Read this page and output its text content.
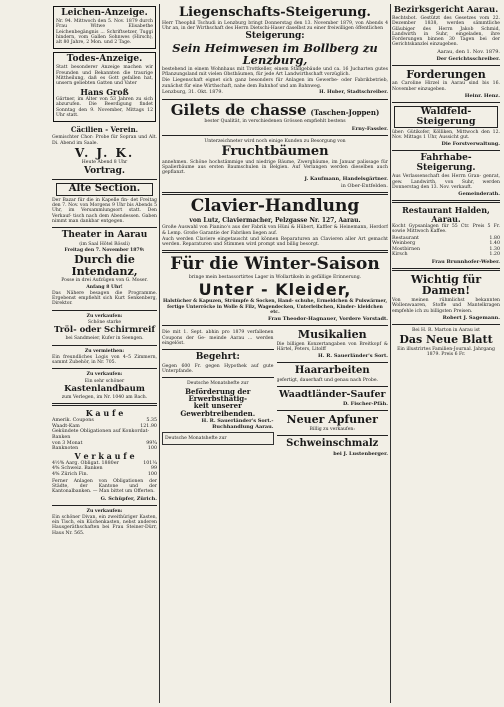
Leichen-Anzeige.
Nr. 94. Mittwoch den 5. Nov. 1879 durch Frau Witwe Elisabethe Leichenbegängnis ... Schriftsetzer, Tuggi hindern, vom Gallen Sohnwes (Hirsch), alt 80 Jahre, 2 Mon. und 2 Tage.
Todes-Anzeige.
Statt besonderer Anzeige machen wir Freunden und Bekannten die traurige Mittheilung, daß es Gott gefallen hat, unsern geliebten Gatten und Vater
Hans Groß
Gärtner, im Alter von 53 Jahren zu sich abzurufen. Die Beerdigung findet Sonntag den 9. November, Mittags 12 Uhr statt.
Cäcilien - Verein.
Gemischter Chor: Probe für Sopran und Alt. Di. Abend im Saale.
V. J. K.
Heute Abend 8 Uhr
Vortrag.
Alte Section.
Der Bazar für die in Kapelle fin- det Freitag den 7. Nov. von Morgens 9 Uhr bis Abends 5 Uhr, im Versammlungsort statt. Den Verkauf- tisch nach dem Abendessen. Gaben nimmt man dankbar entgegen.
Theater in Aarau
(im Saal Hôtel Rössli)
Freitag den 7. November 1879:
Durch die Intendanz,
Posse in drei Aufzügen von G. Moser.
Anfang 8 Uhr!
Das Nähere besagen die Programme. Ergebenst empfiehlt sich Kurt Senkenberg, Direktor.
Zu verkaufen:
Schöne starke
Tröl- oder Schirmreif
bei Sandmeier, Kufer in Seengen.
Zu vermiethen:
Ein freundliches Logis von 4–5 Zimmern, sammt Zubehör, in Nr. 705.
Zu verkaufen:
Ein sehr schöner
Kastenlandbaum
zum Verlegen, im Nr. 1040 am Bach.
K a u f e
Amerik. Coupons	5.35
Waadt-Kam	121.90
Gekündete Obligationen auf Konkordat-Banken
von 3 Monat	99¾
Banknoten	100
V e r k a u f e
4½% Aarg. Obligat. 1880er	101¼
4% Schweiz. Banken	99
4% Zürich Fin.	100
Ferner Anlagen von Obligationen der Städte, der Kantone und der Kantonalbanken. — Man bittet um Offerten.
G. Schüpfer, Zürich.
Zu verkaufen:
Ein schöner Divan, ein zweithüriger Kasten, ein Tisch, ein Küchenkasten, nebst anderen Hausgeräthschaften bei Frau Steiner-Dürr, Haus Nr. 565.
Liegenschafts-Steigerung.
Herr Theophil Tschudi in Lenzburg bringt Donnerstag den 13. November 1879, von Abends 4 Uhr an, in der Wirthschaft des Herrn Dietschi-Haser daselbst zu einer freiwilligen öffentlichen
Steigerung:
Sein Heimwesen im Bollberg zu Lenzburg,
bestehend in einem Wohnhaus mit Trottkeller, einem Stallgebäude und ca. 16 Jucharten gutes Pflanzungsland mit vielen Obstbäumen, für jede Art Landwirthschaft vorzüglich.
Die Liegenschaft eignet sich ganz besonders für Anlagen im Gewerbe- oder Fabrikbetrieb, zunächst für eine Wirthschaft, nahe dem Bahnhof und am Bahnweg.
Lenzburg, 31. Okt. 1879.	H. Huber, Stadtschreiber.
Gilets de chasse (Taschen-Joppen)
bester Qualität, in verschiedenen Grössen empfiehlt bestens
Erny-Fassler.
Unterzeichneter wird noch einige Kunden zu Besorgung von
Fruchtbäumen
annehmen. Schöne hochstämmige und niedrige Bäume, Zwergbäume, im Januar palissage für Spalierbäume aus ersten Baumschulen in Belgien. Auf Verlangen werden dieselben auch gepflanzt.
J. Kaufmann, Handelsgärtner.
in Ober-Entfelden.
Clavier-Handlung
von Lutz, Claviermacher, Pelzgasse Nr. 127, Aarau.
Große Auswahl von Pianino's aus der Fabrik von Hüni & Hübert, Kaffler & Heinemann, Herdorf & Lemp. Große Garantie der Fabriken liegen auf.
Auch werden Claviere eingetauscht und können Reparaturen an Clavieren aller Art gemacht werden. Reparaturen und Stimmen wird prompt und billig besorgt.
Für die Winter-Saison
bringe mein bestassortirtes Lager in Wollartikeln in gefällige Erinnerung.
Unter - Kleider,
Halstücher & Kapuzen, Strümpfe & Socken, Hand- schuhe, Ermeldchen & Pulswärmer, fertige Unterröcke in Wolle & Filz, Wagendecken, Unterleibchen, Kinder- kleidchen etc.
Frau Theodor-Hagnauer, Vordere Vorstadt.
Die mit 1. Sept. abhin pro 1879 verfallenen Coupons der Ge- meinde Aarau ... werden eingelöst.
Begehrt:
Gegen 600 Fr. gegen Hypothek auf gute Unterpfande.
Deutsche Monatshefte zur
Beförderung der Erwerbsthätig-
keit unserer Gewerbtreibenden.
H. R. Sauerländer's Sort.-Buchhandlung Aarau.
Deutsche Monatshefte zur
Musikalien
Die billigen Konzertangaben von Breitkopf & Härtel, Peters, Litolff
H. R. Sauerländer's Sort.
Haararbeiten
gefertigt, dauerhaft und genau nach Probe.
Waadtländer-Saufer
D. Fischer-Pfäh.
Neuer Apfuner
Billig zu verkaufen:
Schweinschmalz
bei J. Lustenberger.
Bezirksgericht Aarau.
Rechtsbot. Gestützt des Gesetzes vom 22. Dezember 1838, werden sämmtliche Gläubiger des Herrn Jakob Schmid, Landwirth in Suhr, eingeladen, ihre Forderungen binnen 30 Tagen bei der Gerichtskanzlei einzugeben.
Aarau, den 1. Nov. 1879.
Der Gerichtsschreiber.
Forderungen
an Caroline Hirzel in Aarau sind bis 16. November einzugeben.
Heinr. Henz.
Waldfeld-Steigerung
über: Gütikofer, Kölliken, Mittwoch den 12. Nov. Mittags 1 Uhr, Aussicht gut.
Die Forstverwaltung.
Fahrhabe-Steigerung.
Aus Verlassenschaft des Herrn Gran- genrat, gew. Landwirth, von Suhr, werden Donnerstag den 13. Nov. verkauft.
Gemeinderath.
Restaurant Halden, Aarau.
Kocht Gypsanlagen für 55 Ctr. Preis 5 Fr. sowie Mittwoch Kaffee.
Restaurant	1.80
Weinberg	1.40
Mostbirnen	1.30
Kirsch	1.20
Frau Brunnhofer-Weber.
Wichtig für Damen!
Von meinen rühmlichst bekannten Wollenwaaren, Stoffe und Mantelkragen empfehle ich zu billigsten Preisen.
Robert J. Sagemann.
Bei H. R. Marton in Aarau ist
Das Neue Blatt
Ein illustrirtes Familien-Journal. Jahrgang 1879. Preis 6 Fr.
